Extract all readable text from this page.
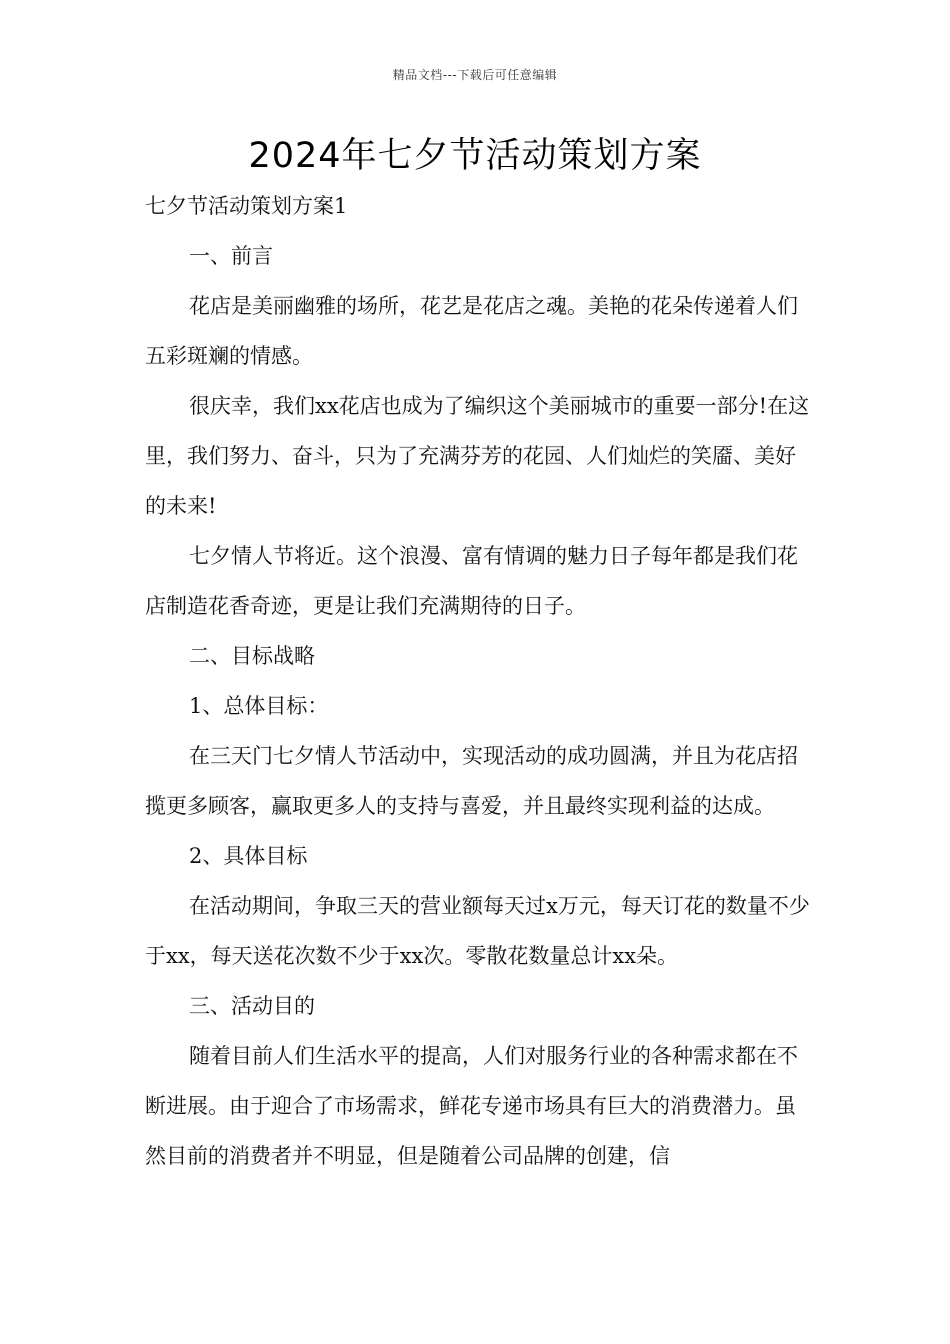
精品文档---下载后可任意编辑
2024年七夕节活动策划方案

七夕节活动策划方案1

一、前言

花店是美丽幽雅的场所，花艺是花店之魂。美艳的花朵传递着人们五彩斑斓的情感。

很庆幸，我们xx花店也成为了编织这个美丽城市的重要一部分!在这里，我们努力、奋斗，只为了充满芬芳的花园、人们灿烂的笑靥、美好的未来!

七夕情人节将近。这个浪漫、富有情调的魅力日子每年都是我们花店制造花香奇迹，更是让我们充满期待的日子。

二、目标战略

1、总体目标：

在三天门七夕情人节活动中，实现活动的成功圆满，并且为花店招揽更多顾客，赢取更多人的支持与喜爱，并且最终实现利益的达成。

2、具体目标

在活动期间，争取三天的营业额每天过x万元，每天订花的数量不少于xx，每天送花次数不少于xx次。零散花数量总计xx朵。

三、活动目的

随着目前人们生活水平的提高，人们对服务行业的各种需求都在不断进展。由于迎合了市场需求，鲜花专递市场具有巨大的消费潜力。虽然目前的消费者并不明显，但是随着公司品牌的创建，信
